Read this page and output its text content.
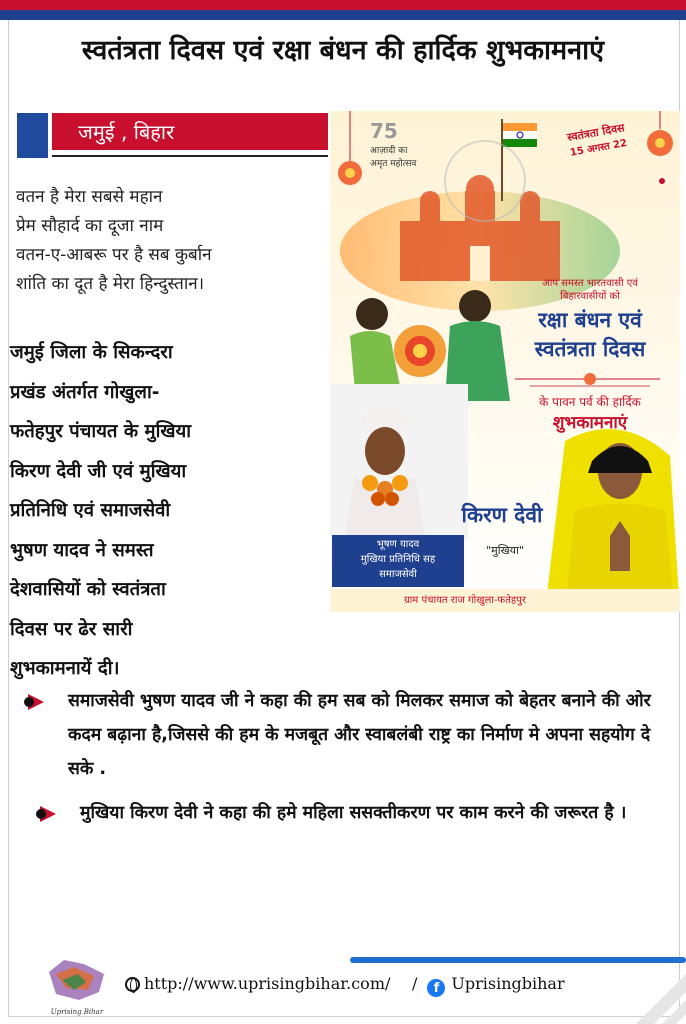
स्वतंत्रता दिवस एवं रक्षा बंधन की हार्दिक शुभकामनाएं
जमुई , बिहार
वतन है मेरा सबसे महान
प्रेम सौहार्द का दूजा नाम
वतन-ए-आबरू पर है सब कुर्बान
शांति का दूत है मेरा हिन्दुस्तान।
जमुई जिला के सिकन्दरा
प्रखंड अंतर्गत गोखुला-
फतेहपुर पंचायत के मुखिया
किरण देवी जी एवं मुखिया
प्रतिनिधि एवं समाजसेवी
भुषण यादव ने समस्त
देशवासियों को स्वतंत्रता
दिवस पर ढेर सारी
शुभकामनायें दी।
75
आज़ादी का
अमृत महोत्सव
स्वतंत्रता दिवस
15 अगस्त 22
आप समस्त भारतवासी एवं
बिहारवासीयों को
रक्षा बंधन एवं
स्वतंत्रता दिवस
के पावन पर्व की हार्दिक
शुभकामनाएं
किरण देवी
"मुखिया"
भूषण यादव
मुखिया प्रतिनिधि सह
समाजसेवी
ग्राम पंचायत राज गोखुला-फतेहपुर
समाजसेवी भुषण यादव जी ने कहा की हम सब को मिलकर समाज को बेहतर बनाने की ओर कदम बढ़ाना है,जिससे की हम के मजबूत और स्वाबलंबी राष्ट्र का निर्माण मे अपना सहयोग दे सके .
मुखिया किरण देवी ने कहा की हमे महिला ससक्तीकरण पर काम करने की जरूरत है ।
Uprising Bihar
http://www.uprisingbihar.com/ / f Uprisingbihar
